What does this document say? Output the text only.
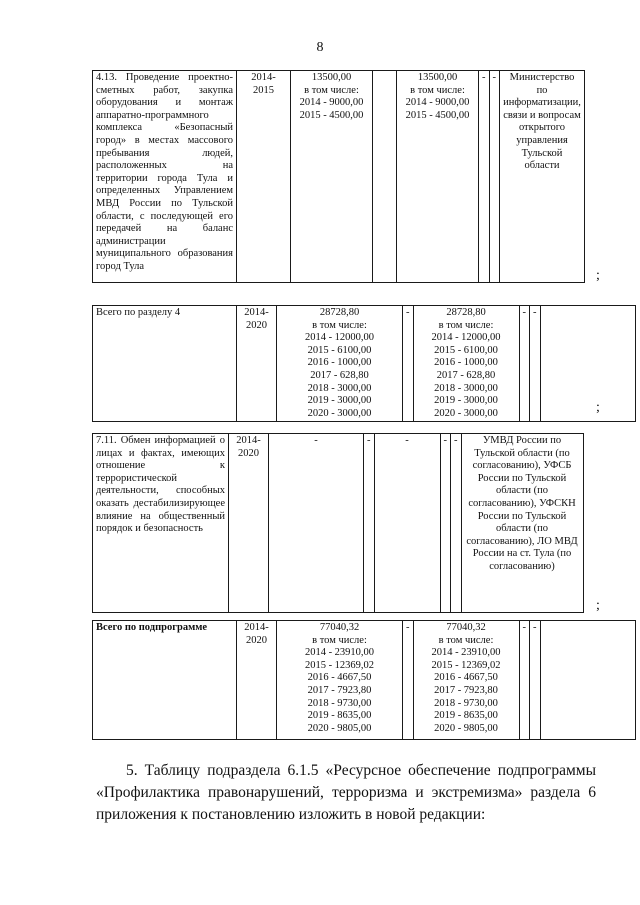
8
4.13. Проведение проектно-сметных работ, закупка оборудования и монтаж аппаратно-программного комплекса «Безопасный город» в местах массового пребывания людей, расположенных на территории города Тула и определенных Управлением МВД России по Тульской области, с последующей его передачей на баланс администрации муниципального образования город Тула	2014-
2015	13500,00
в том числе:
2014 - 9000,00
2015 - 4500,00		13500,00
в том числе:
2014 - 9000,00
2015 - 4500,00	-	-	Министерство по информатизации, связи и вопросам открытого управления Тульской области
;
Всего по разделу 4	2014-
2020	28728,80
в том числе:
2014 - 12000,00
2015 - 6100,00
2016 - 1000,00
2017 - 628,80
2018 - 3000,00
2019 - 3000,00
2020 - 3000,00	-	28728,80
в том числе:
2014 - 12000,00
2015 - 6100,00
2016 - 1000,00
2017 - 628,80
2018 - 3000,00
2019 - 3000,00
2020 - 3000,00	-	-	
;
7.11. Обмен информацией о лицах и фактах, имеющих отношение к террористической деятельности, способных оказать дестабилизирующее влияние на общественный порядок и безопасность	2014-
2020	-	-	-	-	-	УМВД России по Тульской области (по согласованию), УФСБ России по Тульской области (по согласованию), УФСКН России по Тульской области (по согласованию), ЛО МВД России на ст. Тула (по согласованию)
;
Всего по подпрограмме	2014-
2020	77040,32
в том числе:
2014 - 23910,00
2015 - 12369,02
2016 - 4667,50
2017 - 7923,80
2018 - 9730,00
2019 - 8635,00
2020 - 9805,00	-	77040,32
в том числе:
2014 - 23910,00
2015 - 12369,02
2016 - 4667,50
2017 - 7923,80
2018 - 9730,00
2019 - 8635,00
2020 - 9805,00	-	-	
5. Таблицу подраздела 6.1.5 «Ресурсное обеспечение подпрограммы «Профилактика правонарушений, терроризма и экстремизма» раздела 6 приложения к постановлению изложить в новой редакции:
